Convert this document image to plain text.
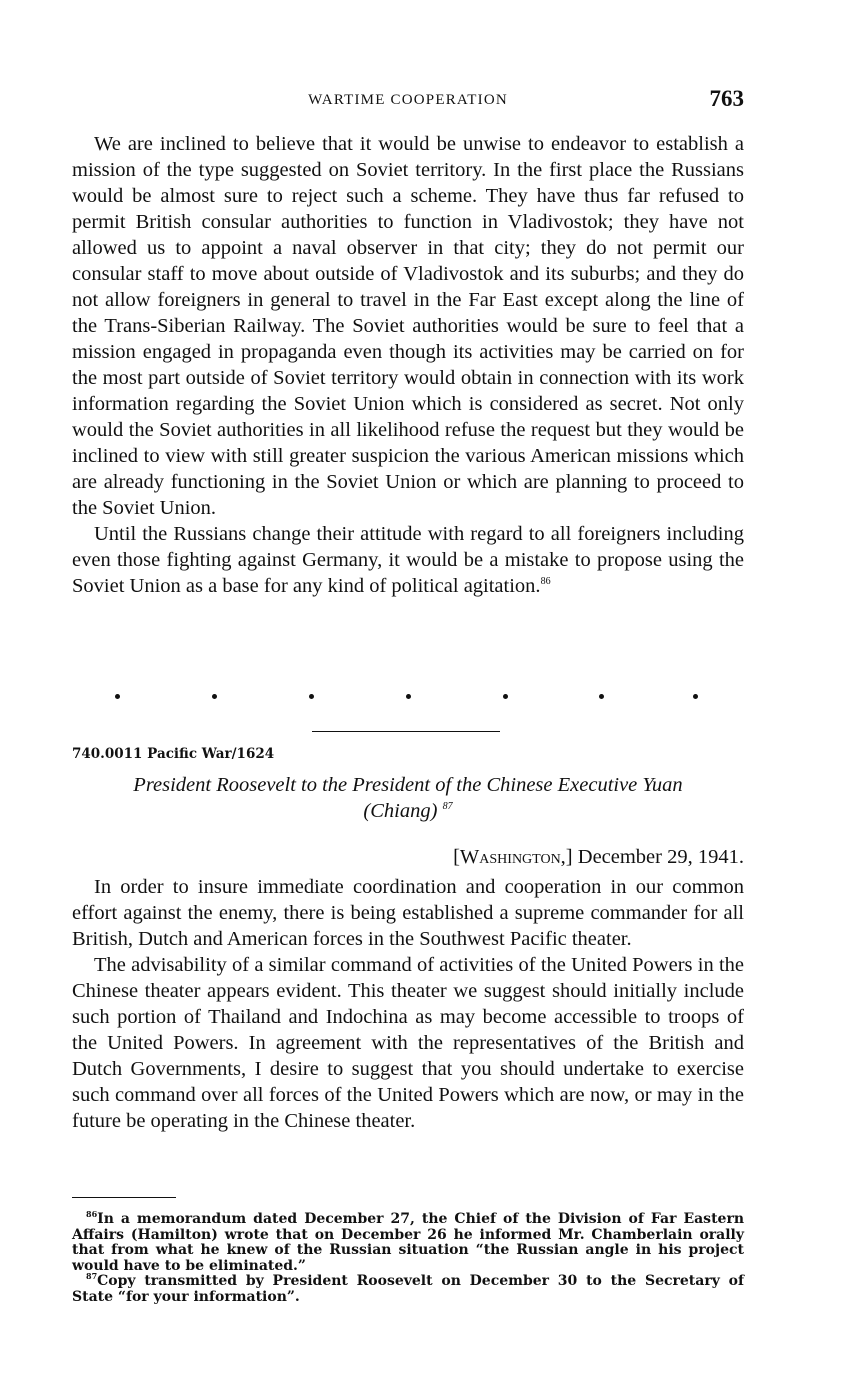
WARTIME COOPERATION	763

We are inclined to believe that it would be unwise to endeavor to establish a mission of the type suggested on Soviet territory. In the first place the Russians would be almost sure to reject such a scheme. They have thus far refused to permit British consular authorities to function in Vladivostok; they have not allowed us to appoint a naval observer in that city; they do not permit our consular staff to move about outside of Vladivostok and its suburbs; and they do not allow foreigners in general to travel in the Far East except along the line of the Trans-Siberian Railway. The Soviet authorities would be sure to feel that a mission engaged in propaganda even though its activities may be carried on for the most part outside of Soviet territory would obtain in connection with its work information regarding the Soviet Union which is considered as secret. Not only would the Soviet authorities in all likelihood refuse the request but they would be inclined to view with still greater suspicion the various American missions which are already functioning in the Soviet Union or which are planning to proceed to the Soviet Union.

Until the Russians change their attitude with regard to all foreigners including even those fighting against Germany, it would be a mistake to propose using the Soviet Union as a base for any kind of political agitation.$^{86}$

740.0011 Pacific War/1624
President Roosevelt to the President of the Chinese Executive Yuan
(Chiang) $^{87}$
[Washington,] December 29, 1941.

In order to insure immediate coordination and cooperation in our common effort against the enemy, there is being established a supreme commander for all British, Dutch and American forces in the Southwest Pacific theater.

The advisability of a similar command of activities of the United Powers in the Chinese theater appears evident. This theater we suggest should initially include such portion of Thailand and Indochina as may become accessible to troops of the United Powers. In agreement with the representatives of the British and Dutch Governments, I desire to suggest that you should undertake to exercise such command over all forces of the United Powers which are now, or may in the future be operating in the Chinese theater.

$^{86}$In a memorandum dated December 27, the Chief of the Division of Far Eastern Affairs (Hamilton) wrote that on December 26 he informed Mr. Chamberlain orally that from what he knew of the Russian situation “the Russian angle in his project would have to be eliminated.”

$^{87}$Copy transmitted by President Roosevelt on December 30 to the Secretary of State “for your information”.
